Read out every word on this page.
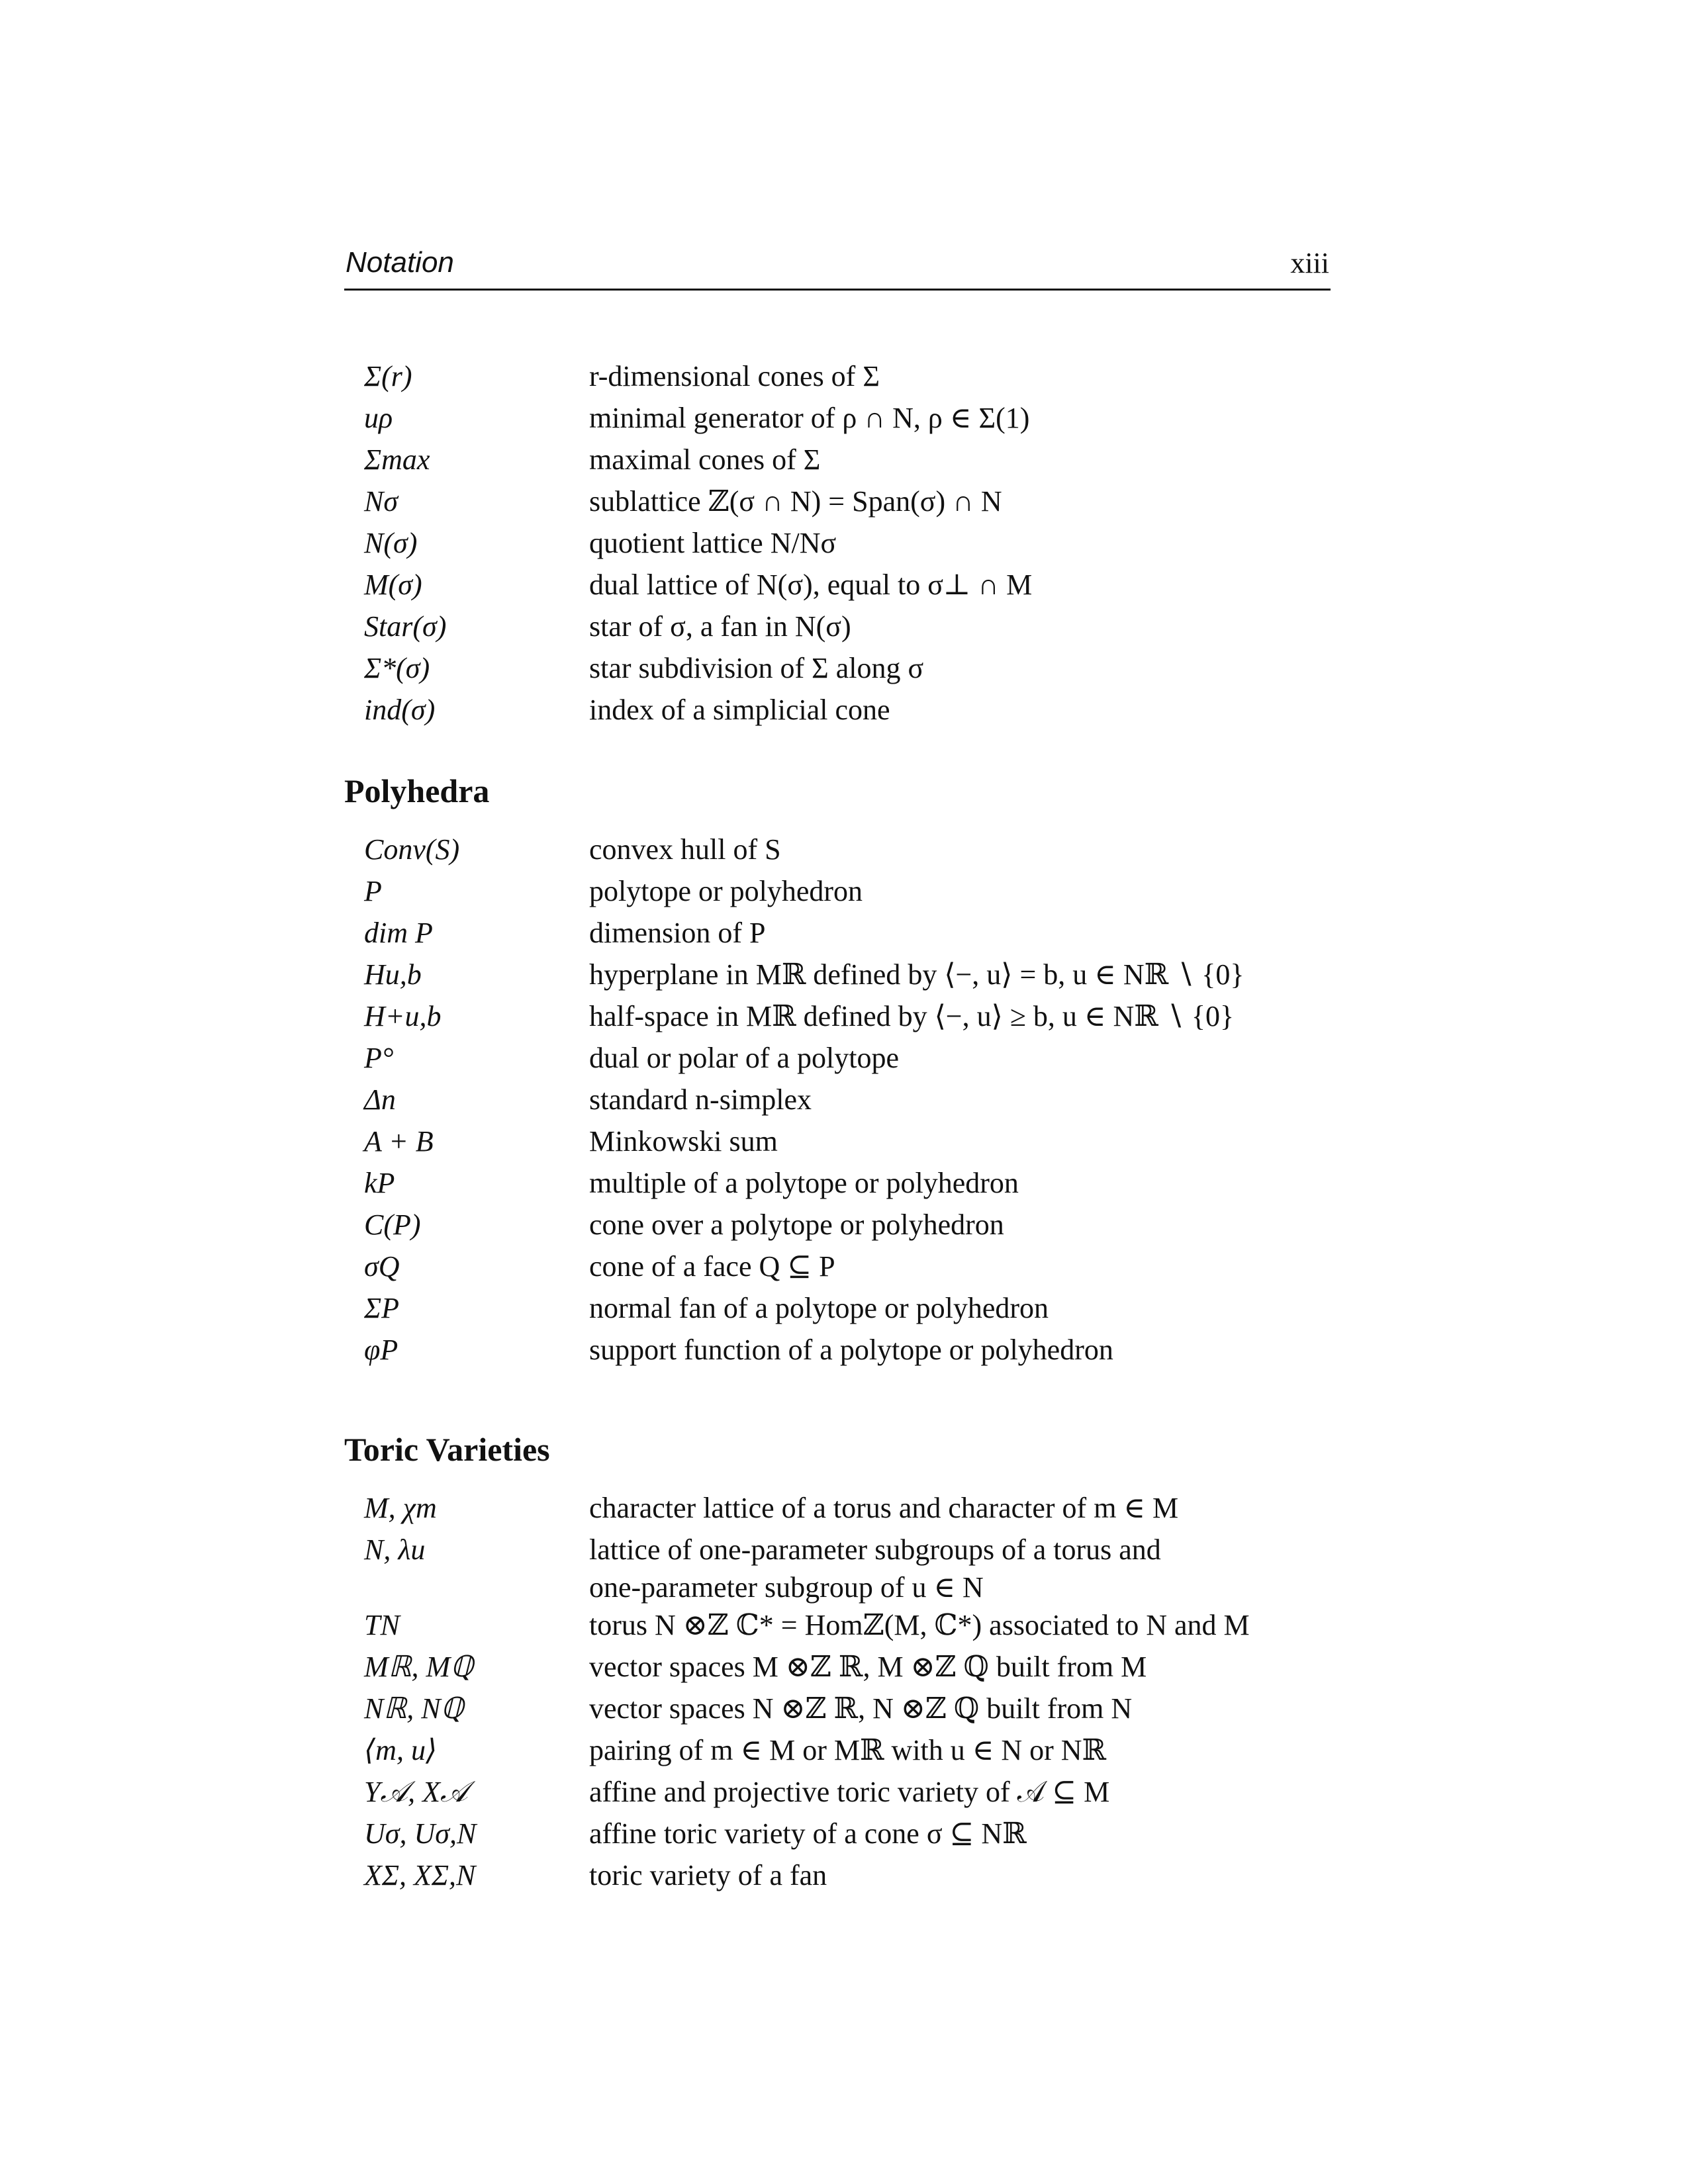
Notation	xiii
Σ(r)	r-dimensional cones of Σ
uρ	minimal generator of ρ ∩ N, ρ ∈ Σ(1)
Σmax	maximal cones of Σ
Nσ	sublattice ℤ(σ ∩ N) = Span(σ) ∩ N
N(σ)	quotient lattice N/Nσ
M(σ)	dual lattice of N(σ), equal to σ⊥ ∩ M
Star(σ)	star of σ, a fan in N(σ)
Σ*(σ)	star subdivision of Σ along σ
ind(σ)	index of a simplicial cone
Polyhedra
Conv(S)	convex hull of S
P	polytope or polyhedron
dim P	dimension of P
Hu,b	hyperplane in Mℝ defined by ⟨−, u⟩ = b, u ∈ Nℝ ∖ {0}
H+u,b	half-space in Mℝ defined by ⟨−, u⟩ ≥ b, u ∈ Nℝ ∖ {0}
P°	dual or polar of a polytope
Δn	standard n-simplex
A + B	Minkowski sum
kP	multiple of a polytope or polyhedron
C(P)	cone over a polytope or polyhedron
σQ	cone of a face Q ⊆ P
ΣP	normal fan of a polytope or polyhedron
φP	support function of a polytope or polyhedron
Toric Varieties
M, χm	character lattice of a torus and character of m ∈ M
N, λu	lattice of one-parameter subgroups of a torus and
one-parameter subgroup of u ∈ N
TN	torus N ⊗ℤ ℂ* = Homℤ(M, ℂ*) associated to N and M
Mℝ, Mℚ	vector spaces M ⊗ℤ ℝ, M ⊗ℤ ℚ built from M
Nℝ, Nℚ	vector spaces N ⊗ℤ ℝ, N ⊗ℤ ℚ built from N
⟨m, u⟩	pairing of m ∈ M or Mℝ with u ∈ N or Nℝ
Y𝒜, X𝒜	affine and projective toric variety of 𝒜 ⊆ M
Uσ, Uσ,N	affine toric variety of a cone σ ⊆ Nℝ
XΣ, XΣ,N	toric variety of a fan
